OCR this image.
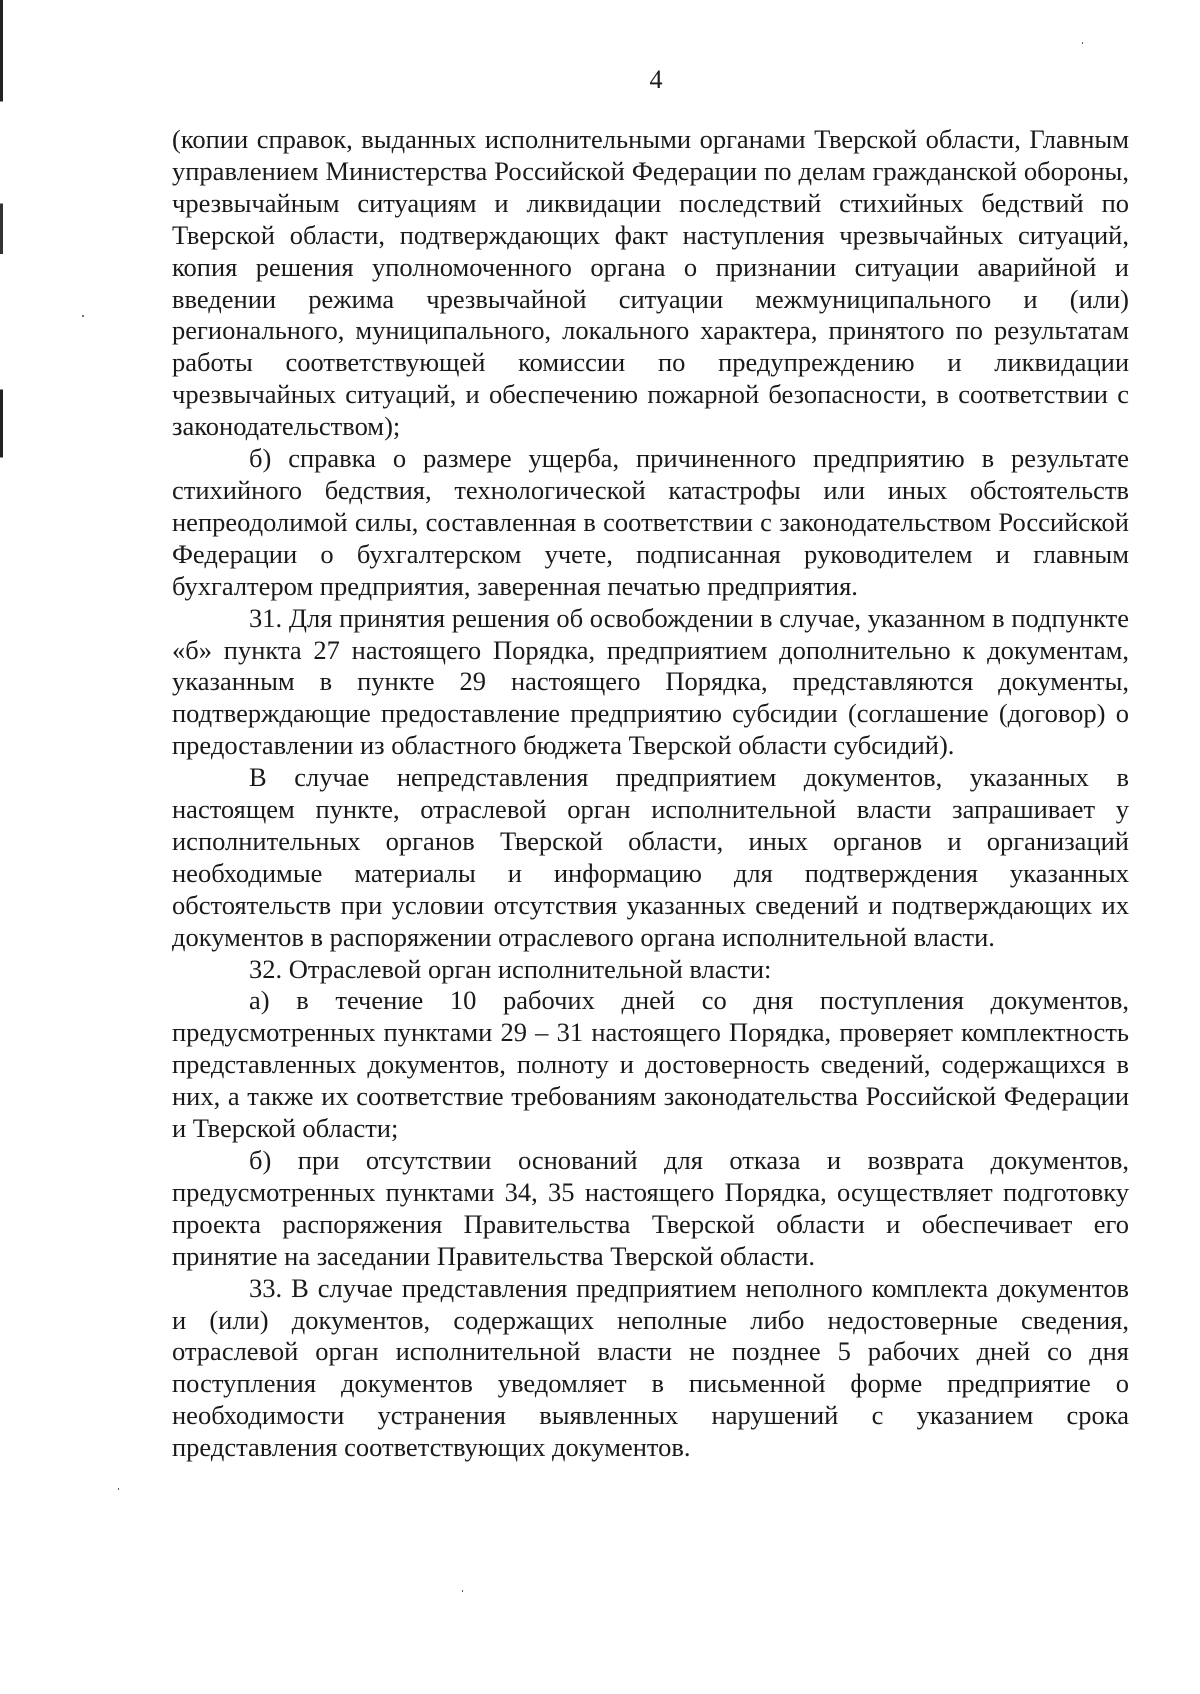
4

(копии справок, выданных исполнительными органами Тверской области, Главным управлением Министерства Российской Федерации по делам гражданской обороны, чрезвычайным ситуациям и ликвидации последствий стихийных бедствий по Тверской области, подтверждающих факт наступления чрезвычайных ситуаций, копия решения уполномоченного органа о признании ситуации аварийной и введении режима чрезвычайной ситуации межмуниципального и (или) регионального, муниципального, локального характера, принятого по результатам работы соответствующей комиссии по предупреждению и ликвидации чрезвычайных ситуаций, и обеспечению пожарной безопасности, в соответствии с законодательством);

б) справка о размере ущерба, причиненного предприятию в результате стихийного бедствия, технологической катастрофы или иных обстоятельств непреодолимой силы, составленная в соответствии с законодательством Российской Федерации о бухгалтерском учете, подписанная руководителем и главным бухгалтером предприятия, заверенная печатью предприятия.

31. Для принятия решения об освобождении в случае, указанном в подпункте «б» пункта 27 настоящего Порядка, предприятием дополнительно к документам, указанным в пункте 29 настоящего Порядка, представляются документы, подтверждающие предоставление предприятию субсидии (соглашение (договор) о предоставлении из областного бюджета Тверской области субсидий).

В случае непредставления предприятием документов, указанных в настоящем пункте, отраслевой орган исполнительной власти запрашивает у исполнительных органов Тверской области, иных органов и организаций необходимые материалы и информацию для подтверждения указанных обстоятельств при условии отсутствия указанных сведений и подтверждающих их документов в распоряжении отраслевого органа исполнительной власти.

32. Отраслевой орган исполнительной власти:

а) в течение 10 рабочих дней со дня поступления документов, предусмотренных пунктами 29 – 31 настоящего Порядка, проверяет комплектность представленных документов, полноту и достоверность сведений, содержащихся в них, а также их соответствие требованиям законодательства Российской Федерации и Тверской области;

б) при отсутствии оснований для отказа и возврата документов, предусмотренных пунктами 34, 35 настоящего Порядка, осуществляет подготовку проекта распоряжения Правительства Тверской области и обеспечивает его принятие на заседании Правительства Тверской области.

33. В случае представления предприятием неполного комплекта документов и (или) документов, содержащих неполные либо недостоверные сведения, отраслевой орган исполнительной власти не позднее 5 рабочих дней со дня поступления документов уведомляет в письменной форме предприятие о необходимости устранения выявленных нарушений с указанием срока представления соответствующих документов.
